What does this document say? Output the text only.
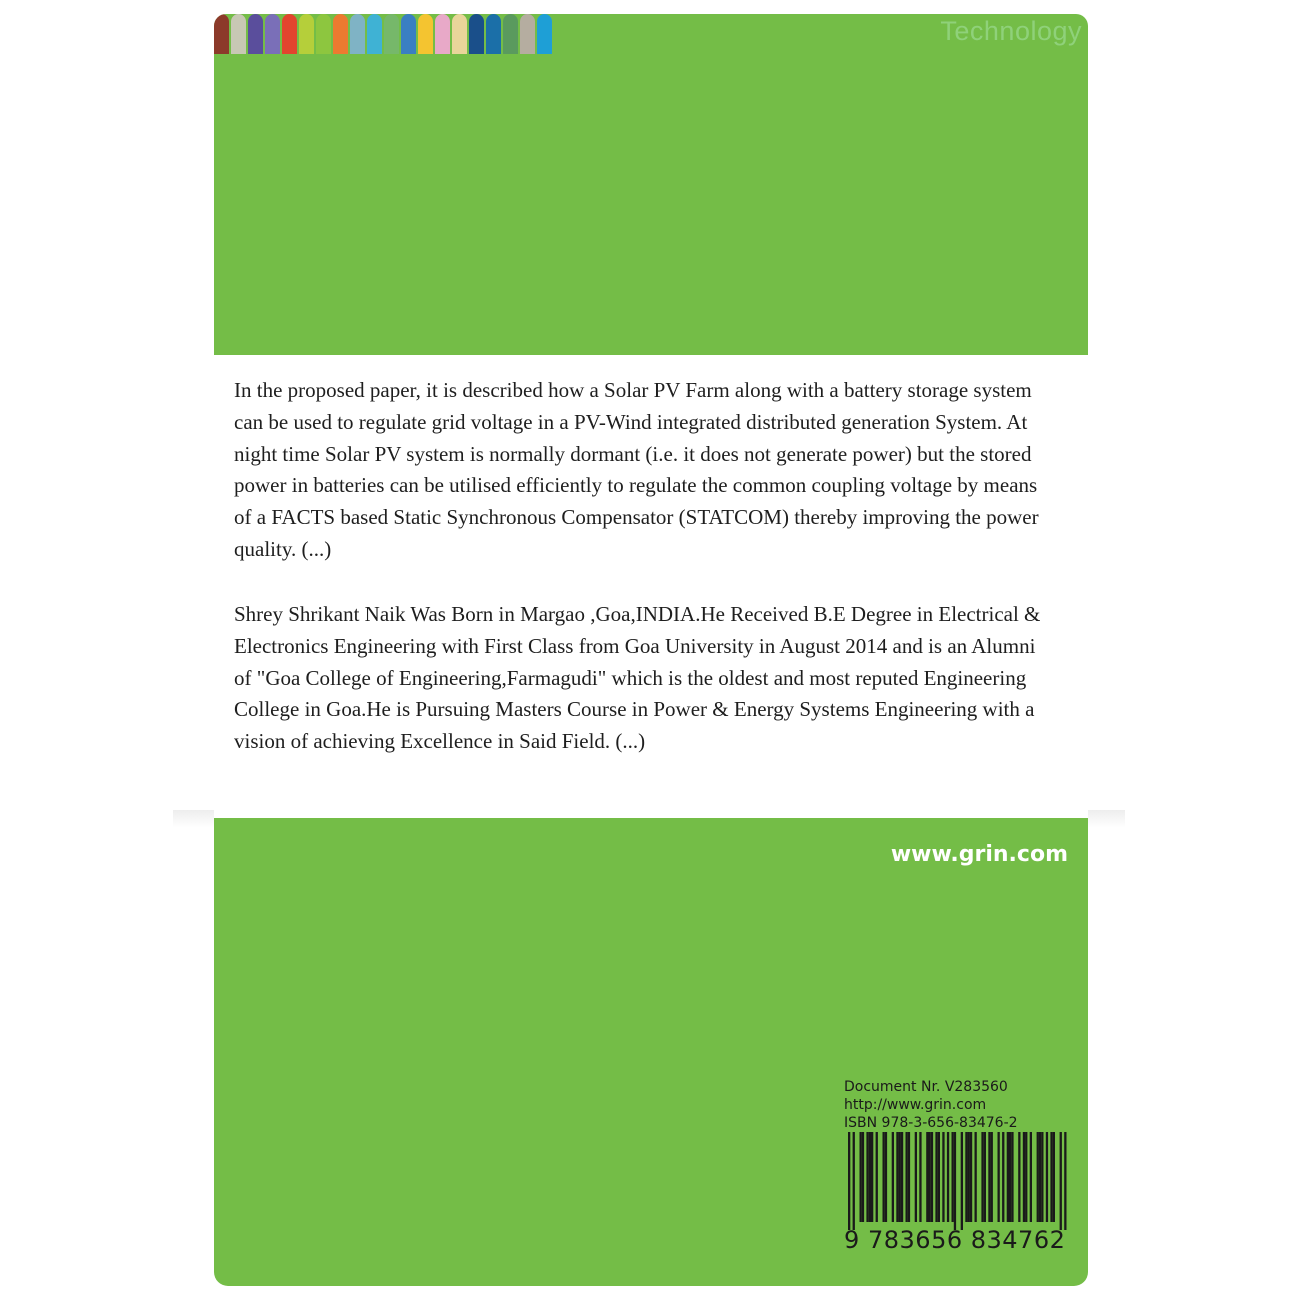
Technology

In the proposed paper, it is described how a Solar PV Farm along with a battery storage system can be used to regulate grid voltage in a PV-Wind integrated distributed generation System. At night time Solar PV system is normally dormant (i.e. it does not generate power) but the stored power in batteries can be utilised efficiently to regulate the common coupling voltage by means of a FACTS based Static Synchronous Compensator (STATCOM) thereby improving the power quality. (...)

Shrey Shrikant Naik Was Born in Margao ,Goa,INDIA.He Received B.E Degree in Electrical & Electronics Engineering with First Class from Goa University in August 2014 and is an Alumni of "Goa College of Engineering,Farmagudi" which is the oldest and most reputed Engineering College in Goa.He is Pursuing Masters Course in Power & Energy Systems Engineering with a vision of achieving Excellence in Said Field. (...)

www.grin.com
Document Nr. V283560
http://www.grin.com
ISBN 978-3-656-83476-2
9 783656 834762
